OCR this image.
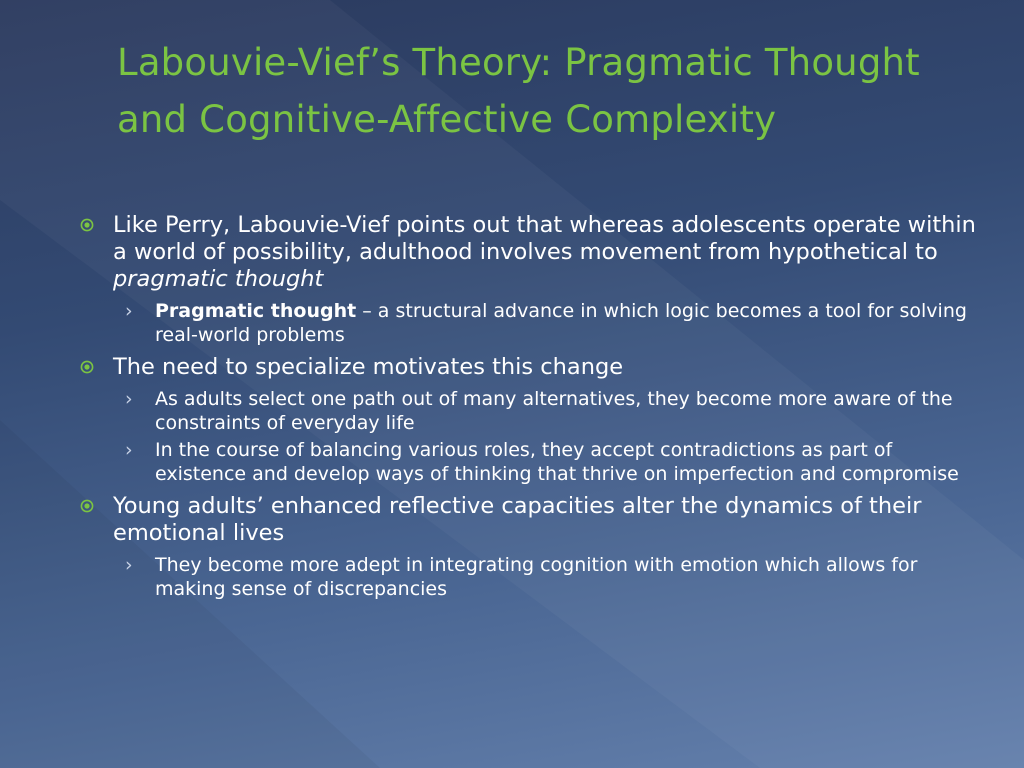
Labouvie-Vief’s Theory: Pragmatic Thought and Cognitive-Affective Complexity
Like Perry, Labouvie-Vief points out that whereas adolescents operate within a world of possibility, adulthood involves movement from hypothetical to pragmatic thought
› Pragmatic thought – a structural advance in which logic becomes a tool for solving real-world problems
The need to specialize motivates this change
› As adults select one path out of many alternatives, they become more aware of the constraints of everyday life
› In the course of balancing various roles, they accept contradictions as part of existence and develop ways of thinking that thrive on imperfection and compromise
Young adults’ enhanced reflective capacities alter the dynamics of their emotional lives
› They become more adept in integrating cognition with emotion which allows for making sense of discrepancies
